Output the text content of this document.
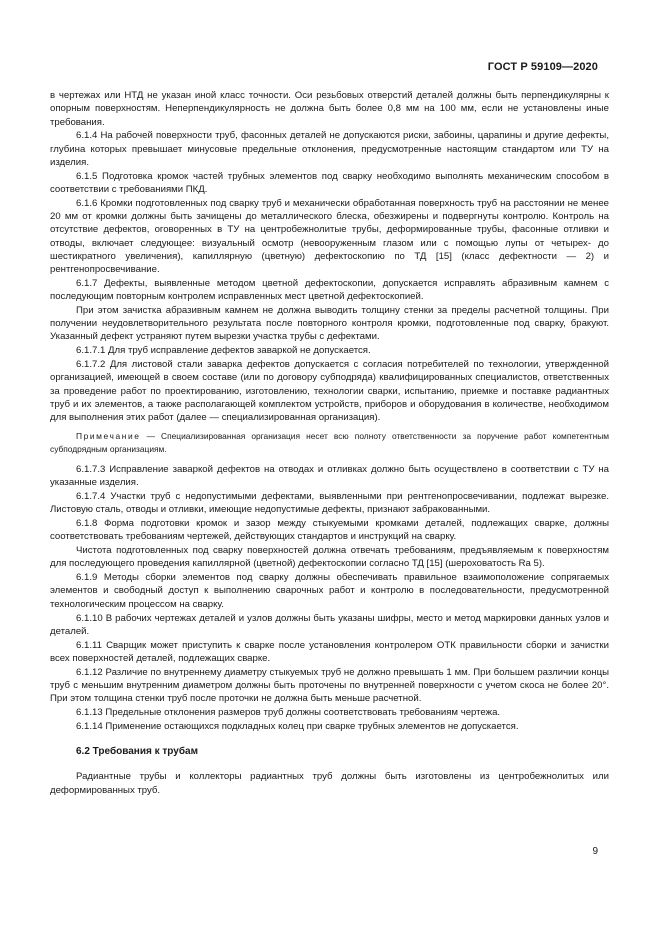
ГОСТ Р 59109—2020

в чертежах или НТД не указан иной класс точности. Оси резьбовых отверстий деталей должны быть перпендикулярны к опорным поверхностям. Неперпендикулярность не должна быть более 0,8 мм на 100 мм, если не установлены иные требования.

6.1.4 На рабочей поверхности труб, фасонных деталей не допускаются риски, забоины, царапины и другие дефекты, глубина которых превышает минусовые предельные отклонения, предусмотренные настоящим стандартом или ТУ на изделия.

6.1.5 Подготовка кромок частей трубных элементов под сварку необходимо выполнять механическим способом в соответствии с требованиями ПКД.

6.1.6 Кромки подготовленных под сварку труб и механически обработанная поверхность труб на расстоянии не менее 20 мм от кромки должны быть зачищены до металлического блеска, обезжирены и подвергнуты контролю. Контроль на отсутствие дефектов, оговоренных в ТУ на центробежнолитые трубы, деформированные трубы, фасонные отливки и отводы, включает следующее: визуальный осмотр (невооруженным глазом или с помощью лупы от четырех- до шестикратного увеличения), капиллярную (цветную) дефектоскопию по ТД [15] (класс дефектности — 2) и рентгенопросвечивание.

6.1.7 Дефекты, выявленные методом цветной дефектоскопии, допускается исправлять абразивным камнем с последующим повторным контролем исправленных мест цветной дефектоскопией.

При этом зачистка абразивным камнем не должна выводить толщину стенки за пределы расчетной толщины. При получении неудовлетворительного результата после повторного контроля кромки, подготовленные под сварку, бракуют. Указанный дефект устраняют путем вырезки участка трубы с дефектами.

6.1.7.1 Для труб исправление дефектов заваркой не допускается.

6.1.7.2 Для листовой стали заварка дефектов допускается с согласия потребителей по технологии, утвержденной организацией, имеющей в своем составе (или по договору субподряда) квалифицированных специалистов, ответственных за проведение работ по проектированию, изготовлению, технологии сварки, испытанию, приемке и поставке радиантных труб и их элементов, а также располагающей комплектом устройств, приборов и оборудования в количестве, необходимом для выполнения этих работ (далее — специализированная организация).

Примечание — Специализированная организация несет всю полноту ответственности за поручение работ компетентным субподрядным организациям.

6.1.7.3 Исправление заваркой дефектов на отводах и отливках должно быть осуществлено в соответствии с ТУ на указанные изделия.

6.1.7.4 Участки труб с недопустимыми дефектами, выявленными при рентгенопросвечивании, подлежат вырезке. Листовую сталь, отводы и отливки, имеющие недопустимые дефекты, признают забракованными.

6.1.8 Форма подготовки кромок и зазор между стыкуемыми кромками деталей, подлежащих сварке, должны соответствовать требованиям чертежей, действующих стандартов и инструкций на сварку.

Чистота подготовленных под сварку поверхностей должна отвечать требованиям, предъявляемым к поверхностям для последующего проведения капиллярной (цветной) дефектоскопии согласно ТД [15] (шероховатость Ra 5).

6.1.9 Методы сборки элементов под сварку должны обеспечивать правильное взаимоположение сопрягаемых элементов и свободный доступ к выполнению сварочных работ и контролю в последовательности, предусмотренной технологическим процессом на сварку.

6.1.10 В рабочих чертежах деталей и узлов должны быть указаны шифры, место и метод маркировки данных узлов и деталей.

6.1.11 Сварщик может приступить к сварке после установления контролером ОТК правильности сборки и зачистки всех поверхностей деталей, подлежащих сварке.

6.1.12 Различие по внутреннему диаметру стыкуемых труб не должно превышать 1 мм. При большем различии концы труб с меньшим внутренним диаметром должны быть проточены по внутренней поверхности с учетом скоса не более 20°. При этом толщина стенки труб после проточки не должна быть меньше расчетной.

6.1.13 Предельные отклонения размеров труб должны соответствовать требованиям чертежа.

6.1.14 Применение остающихся подкладных колец при сварке трубных элементов не допускается.

6.2 Требования к трубам

Радиантные трубы и коллекторы радиантных труб должны быть изготовлены из центробежнолитых или деформированных труб.

9
